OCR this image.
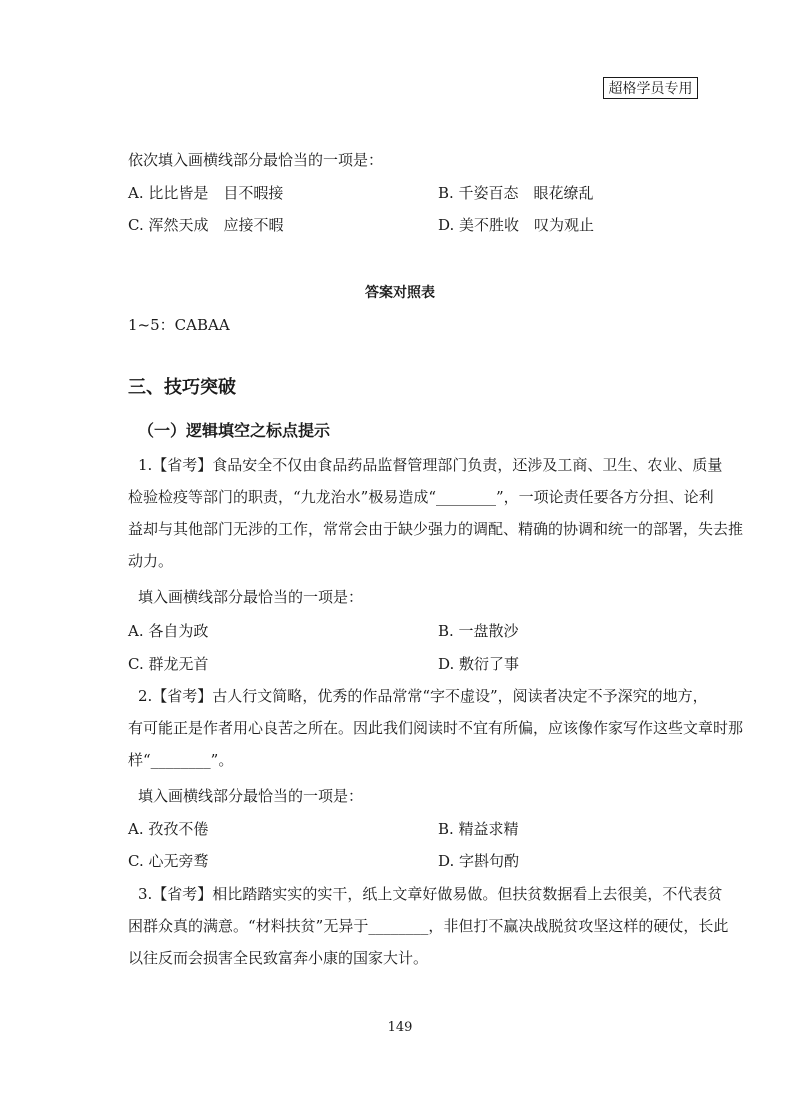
超格学员专用
依次填入画横线部分最恰当的一项是：
A. 比比皆是　目不暇接	B. 千姿百态　眼花缭乱
C. 浑然天成　应接不暇	D. 美不胜收　叹为观止
答案对照表
1~5：CABAA
三、技巧突破
（一）逻辑填空之标点提示
1.【省考】食品安全不仅由食品药品监督管理部门负责，还涉及工商、卫生、农业、质量
检验检疫等部门的职责，“九龙治水”极易造成“________”，一项论责任要各方分担、论利
益却与其他部门无涉的工作，常常会由于缺少强力的调配、精确的协调和统一的部署，失去推
动力。
填入画横线部分最恰当的一项是：
A. 各自为政	B. 一盘散沙
C. 群龙无首	D. 敷衍了事
2.【省考】古人行文简略，优秀的作品常常“字不虚设”，阅读者决定不予深究的地方，
有可能正是作者用心良苦之所在。因此我们阅读时不宜有所偏，应该像作家写作这些文章时那
样“________”。
填入画横线部分最恰当的一项是：
A. 孜孜不倦	B. 精益求精
C. 心无旁骛	D. 字斟句酌
3.【省考】相比踏踏实实的实干，纸上文章好做易做。但扶贫数据看上去很美，不代表贫
困群众真的满意。“材料扶贫”无异于________，非但打不赢决战脱贫攻坚这样的硬仗，长此
以往反而会损害全民致富奔小康的国家大计。
149
